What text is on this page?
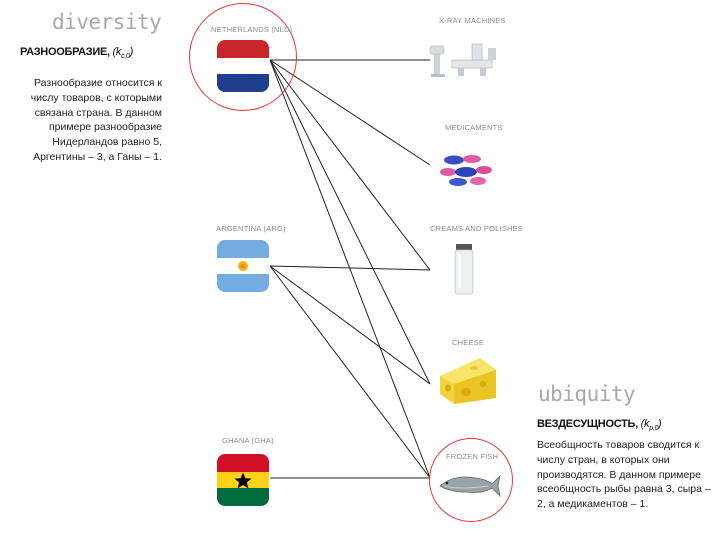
diversity
РАЗНООБРАЗИЕ, $(k_{c,0})$
Разнообразие относится к числу товаров, с которыми связана страна. В данном примере разнообразие Нидерландов равно 5, Аргентины – 3, а Ганы – 1.
ubiquity
ВЕЗДЕСУЩНОСТЬ, $(k_{p,0})$
Всеобщность товаров сводится к числу стран, в которых они производятся. В данном примере всеобщность рыбы равна 3, сыра – 2, а медикаментов – 1.
NETHERLANDS (NLD)
ARGENTINA (ARG)
GHANA (GHA)
X-RAY MACHINES
MEDICAMENTS
CREAMS AND POLISHES
CHEESE
FROZEN FISH
